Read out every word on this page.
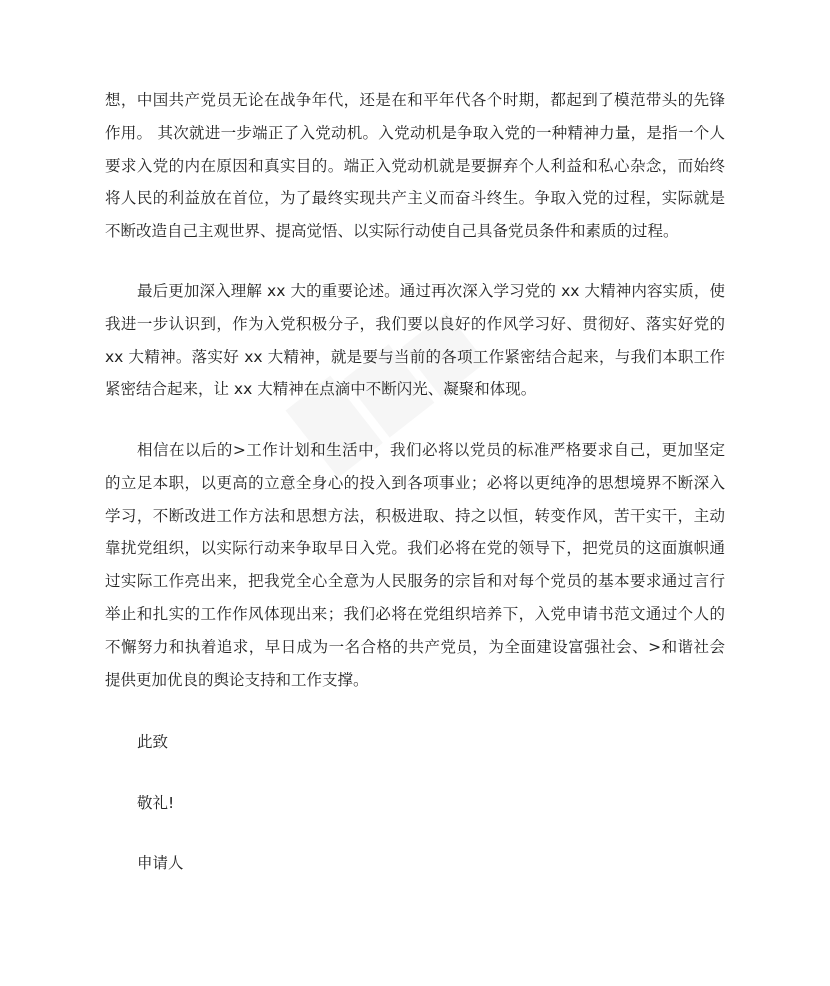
想，中国共产党员无论在战争年代，还是在和平年代各个时期，都起到了模范带头的先锋
作用。 其次就进一步端正了入党动机。入党动机是争取入党的一种精神力量，是指一个人
要求入党的内在原因和真实目的。端正入党动机就是要摒弃个人利益和私心杂念，而始终
将人民的利益放在首位，为了最终实现共产主义而奋斗终生。争取入党的过程，实际就是
不断改造自己主观世界、提高觉悟、以实际行动使自己具备党员条件和素质的过程。
最后更加深入理解 xx 大的重要论述。通过再次深入学习党的 xx 大精神内容实质，使
我进一步认识到，作为入党积极分子，我们要以良好的作风学习好、贯彻好、落实好党的
xx 大精神。落实好 xx 大精神，就是要与当前的各项工作紧密结合起来，与我们本职工作
紧密结合起来，让 xx 大精神在点滴中不断闪光、凝聚和体现。
相信在以后的>工作计划和生活中，我们必将以党员的标准严格要求自己，更加坚定
的立足本职，以更高的立意全身心的投入到各项事业；必将以更纯净的思想境界不断深入
学习，不断改进工作方法和思想方法，积极进取、持之以恒，转变作风，苦干实干，主动
靠扰党组织，以实际行动来争取早日入党。我们必将在党的领导下，把党员的这面旗帜通
过实际工作亮出来，把我党全心全意为人民服务的宗旨和对每个党员的基本要求通过言行
举止和扎实的工作作风体现出来；我们必将在党组织培养下，入党申请书范文通过个人的
不懈努力和执着追求，早日成为一名合格的共产党员，为全面建设富强社会、>和谐社会
提供更加优良的舆论支持和工作支撑。

此致

敬礼!

申请人
